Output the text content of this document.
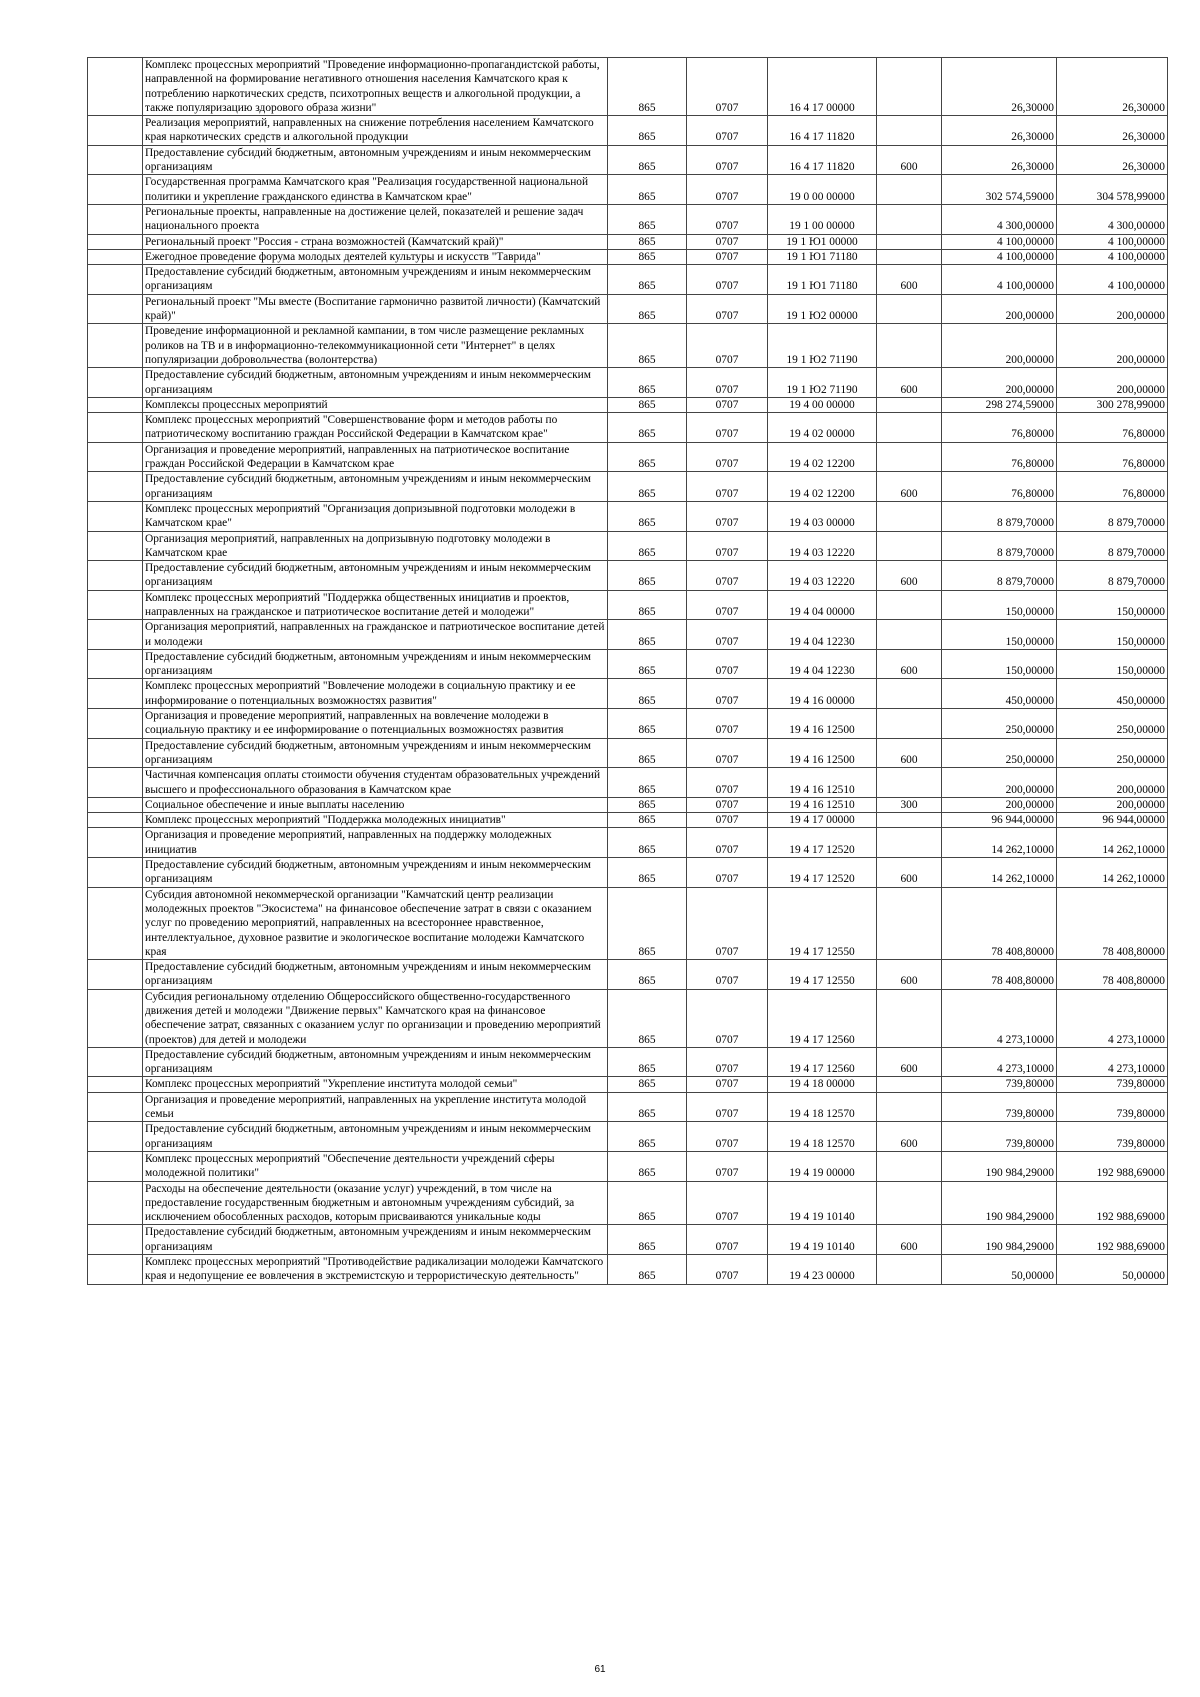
	Комплекс процессных мероприятий "Проведение информационно-пропагандистской работы, направленной на формирование негативного отношения населения Камчатского края к потреблению наркотических средств, психотропных веществ и алкогольной продукции, а также популяризацию здорового образа жизни"	865	0707	16 4 17 00000		26,30000	26,30000
	Реализация мероприятий, направленных на снижение потребления населением Камчатского края наркотических средств и алкогольной продукции	865	0707	16 4 17 11820		26,30000	26,30000
	Предоставление субсидий бюджетным, автономным учреждениям и иным некоммерческим организациям	865	0707	16 4 17 11820	600	26,30000	26,30000
	Государственная программа Камчатского края "Реализация государственной национальной политики и укрепление гражданского единства в Камчатском крае"	865	0707	19 0 00 00000		302 574,59000	304 578,99000
	Региональные проекты, направленные на достижение целей, показателей и решение задач национального проекта	865	0707	19 1 00 00000		4 300,00000	4 300,00000
	Региональный проект "Россия - страна возможностей (Камчатский край)"	865	0707	19 1 Ю1 00000		4 100,00000	4 100,00000
	Ежегодное проведение форума молодых деятелей культуры и искусств "Таврида"	865	0707	19 1 Ю1 71180		4 100,00000	4 100,00000
	Предоставление субсидий бюджетным, автономным учреждениям и иным некоммерческим организациям	865	0707	19 1 Ю1 71180	600	4 100,00000	4 100,00000
	Региональный проект "Мы вместе (Воспитание гармонично развитой личности) (Камчатский край)"	865	0707	19 1 Ю2 00000		200,00000	200,00000
	Проведение информационной и рекламной кампании, в том числе размещение рекламных роликов на ТВ и в информационно-телекоммуникационной сети "Интернет" в целях популяризации добровольчества (волонтерства)	865	0707	19 1 Ю2 71190		200,00000	200,00000
	Предоставление субсидий бюджетным, автономным учреждениям и иным некоммерческим организациям	865	0707	19 1 Ю2 71190	600	200,00000	200,00000
	Комплексы процессных мероприятий	865	0707	19 4 00 00000		298 274,59000	300 278,99000
	Комплекс процессных мероприятий "Совершенствование форм и методов работы по патриотическому воспитанию граждан Российской Федерации в Камчатском крае"	865	0707	19 4 02 00000		76,80000	76,80000
	Организация и проведение мероприятий, направленных на патриотическое воспитание граждан Российской Федерации в Камчатском крае	865	0707	19 4 02 12200		76,80000	76,80000
	Предоставление субсидий бюджетным, автономным учреждениям и иным некоммерческим организациям	865	0707	19 4 02 12200	600	76,80000	76,80000
	Комплекс процессных мероприятий "Организация допризывной подготовки молодежи в Камчатском крае"	865	0707	19 4 03 00000		8 879,70000	8 879,70000
	Организация мероприятий, направленных на допризывную подготовку молодежи в Камчатском крае	865	0707	19 4 03 12220		8 879,70000	8 879,70000
	Предоставление субсидий бюджетным, автономным учреждениям и иным некоммерческим организациям	865	0707	19 4 03 12220	600	8 879,70000	8 879,70000
	Комплекс процессных мероприятий "Поддержка общественных инициатив и проектов, направленных на гражданское и патриотическое воспитание детей и молодежи"	865	0707	19 4 04 00000		150,00000	150,00000
	Организация мероприятий, направленных на гражданское и патриотическое воспитание детей и молодежи	865	0707	19 4 04 12230		150,00000	150,00000
	Предоставление субсидий бюджетным, автономным учреждениям и иным некоммерческим организациям	865	0707	19 4 04 12230	600	150,00000	150,00000
	Комплекс процессных мероприятий "Вовлечение молодежи в социальную практику и ее информирование о потенциальных возможностях развития"	865	0707	19 4 16 00000		450,00000	450,00000
	Организация и проведение мероприятий, направленных на вовлечение молодежи в социальную практику и ее информирование о потенциальных возможностях развития	865	0707	19 4 16 12500		250,00000	250,00000
	Предоставление субсидий бюджетным, автономным учреждениям и иным некоммерческим организациям	865	0707	19 4 16 12500	600	250,00000	250,00000
	Частичная компенсация оплаты стоимости обучения студентам образовательных учреждений высшего и профессионального образования в Камчатском крае	865	0707	19 4 16 12510		200,00000	200,00000
	Социальное обеспечение и иные выплаты населению	865	0707	19 4 16 12510	300	200,00000	200,00000
	Комплекс процессных мероприятий "Поддержка молодежных инициатив"	865	0707	19 4 17 00000		96 944,00000	96 944,00000
	Организация и проведение мероприятий, направленных на поддержку молодежных инициатив	865	0707	19 4 17 12520		14 262,10000	14 262,10000
	Предоставление субсидий бюджетным, автономным учреждениям и иным некоммерческим организациям	865	0707	19 4 17 12520	600	14 262,10000	14 262,10000
	Субсидия автономной некоммерческой организации "Камчатский центр реализации молодежных проектов "Экосистема" на финансовое обеспечение затрат в связи с оказанием услуг по проведению мероприятий, направленных на всестороннее нравственное, интеллектуальное, духовное развитие и экологическое воспитание молодежи Камчатского края	865	0707	19 4 17 12550		78 408,80000	78 408,80000
	Предоставление субсидий бюджетным, автономным учреждениям и иным некоммерческим организациям	865	0707	19 4 17 12550	600	78 408,80000	78 408,80000
	Субсидия региональному отделению Общероссийского общественно-государственного движения детей и молодежи "Движение первых" Камчатского края на финансовое обеспечение затрат, связанных с оказанием услуг по организации и проведению мероприятий (проектов) для детей и молодежи	865	0707	19 4 17 12560		4 273,10000	4 273,10000
	Предоставление субсидий бюджетным, автономным учреждениям и иным некоммерческим организациям	865	0707	19 4 17 12560	600	4 273,10000	4 273,10000
	Комплекс процессных мероприятий "Укрепление института молодой семьи"	865	0707	19 4 18 00000		739,80000	739,80000
	Организация и проведение мероприятий, направленных на укрепление института молодой семьи	865	0707	19 4 18 12570		739,80000	739,80000
	Предоставление субсидий бюджетным, автономным учреждениям и иным некоммерческим организациям	865	0707	19 4 18 12570	600	739,80000	739,80000
	Комплекс процессных мероприятий "Обеспечение деятельности учреждений сферы молодежной политики"	865	0707	19 4 19 00000		190 984,29000	192 988,69000
	Расходы на обеспечение деятельности (оказание услуг) учреждений, в том числе на предоставление государственным бюджетным и автономным учреждениям субсидий, за исключением обособленных расходов, которым присваиваются уникальные коды	865	0707	19 4 19 10140		190 984,29000	192 988,69000
	Предоставление субсидий бюджетным, автономным учреждениям и иным некоммерческим организациям	865	0707	19 4 19 10140	600	190 984,29000	192 988,69000
	Комплекс процессных мероприятий "Противодействие радикализации молодежи Камчатского края и недопущение ее вовлечения в экстремистскую и террористическую деятельность"	865	0707	19 4 23 00000		50,00000	50,00000
61
